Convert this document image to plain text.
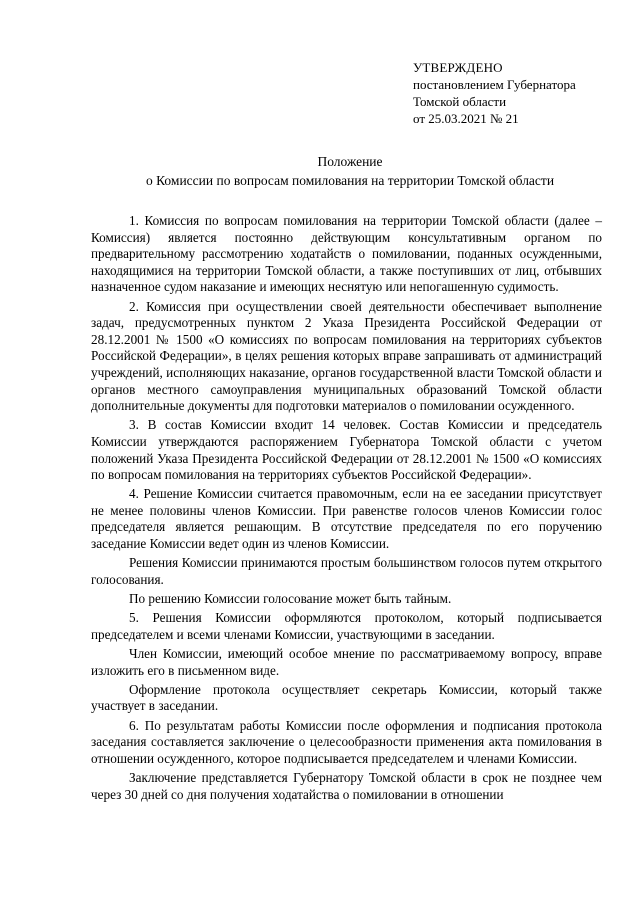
УТВЕРЖДЕНО
постановлением Губернатора
Томской области
от 25.03.2021 № 21
Положение
о Комиссии по вопросам помилования на территории Томской области

1. Комиссия по вопросам помилования на территории Томской области (далее – Комиссия) является постоянно действующим консультативным органом по предварительному рассмотрению ходатайств о помиловании, поданных осужденными, находящимися на территории Томской области, а также поступивших от лиц, отбывших назначенное судом наказание и имеющих неснятую или непогашенную судимость.

2. Комиссия при осуществлении своей деятельности обеспечивает выполнение задач, предусмотренных пунктом 2 Указа Президента Российской Федерации от 28.12.2001 № 1500 «О комиссиях по вопросам помилования на территориях субъектов Российской Федерации», в целях решения которых вправе запрашивать от администраций учреждений, исполняющих наказание, органов государственной власти Томской области и органов местного самоуправления муниципальных образований Томской области дополнительные документы для подготовки материалов о помиловании осужденного.

3. В состав Комиссии входит 14 человек. Состав Комиссии и председатель Комиссии утверждаются распоряжением Губернатора Томской области с учетом положений Указа Президента Российской Федерации от 28.12.2001 № 1500 «О комиссиях по вопросам помилования на территориях субъектов Российской Федерации».

4. Решение Комиссии считается правомочным, если на ее заседании присутствует не менее половины членов Комиссии. При равенстве голосов членов Комиссии голос председателя является решающим. В отсутствие председателя по его поручению заседание Комиссии ведет один из членов Комиссии.

Решения Комиссии принимаются простым большинством голосов путем открытого голосования.

По решению Комиссии голосование может быть тайным.

5. Решения Комиссии оформляются протоколом, который подписывается председателем и всеми членами Комиссии, участвующими в заседании.

Член Комиссии, имеющий особое мнение по рассматриваемому вопросу, вправе изложить его в письменном виде.

Оформление протокола осуществляет секретарь Комиссии, который также участвует в заседании.

6. По результатам работы Комиссии после оформления и подписания протокола заседания составляется заключение о целесообразности применения акта помилования в отношении осужденного, которое подписывается председателем и членами Комиссии.

Заключение представляется Губернатору Томской области в срок не позднее чем через 30 дней со дня получения ходатайства о помиловании в отношении
